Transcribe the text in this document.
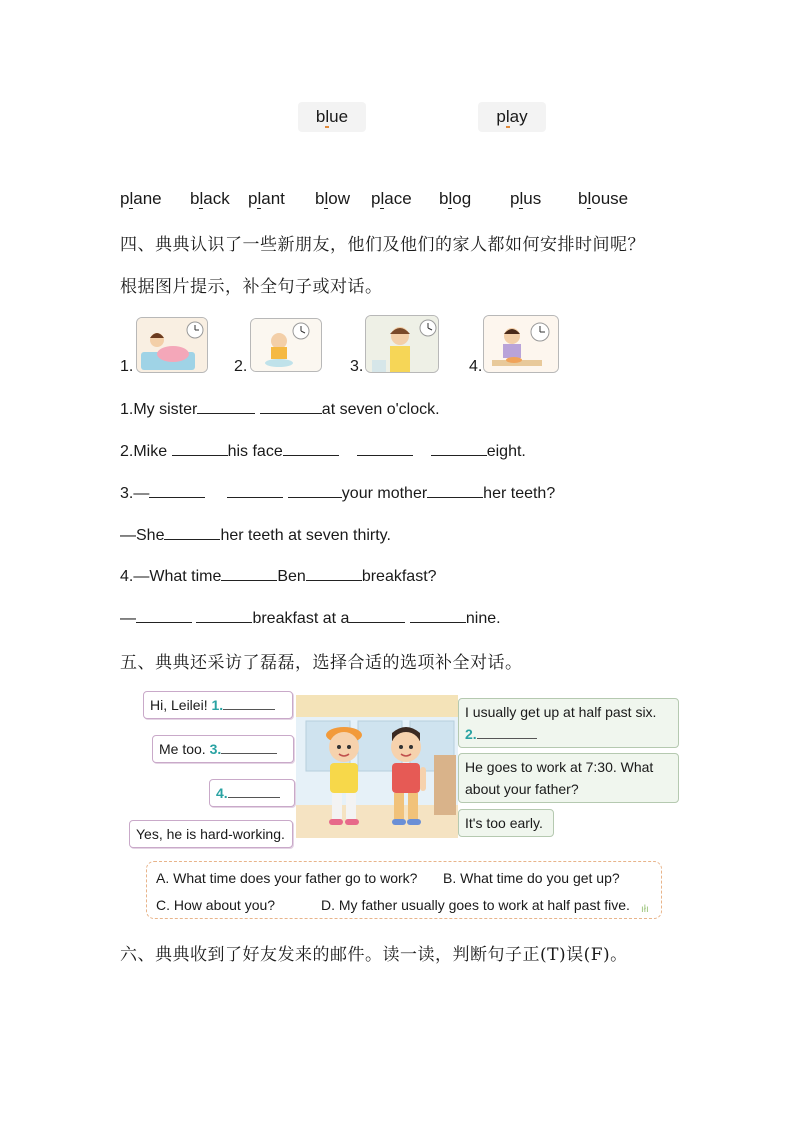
blue	play
plane black plant blow place blog plus blouse
四、典典认识了一些新朋友，他们及他们的家人都如何安排时间呢？
根据图片提示，补全句子或对话。
1.	2.	3.	4.
1.My sister	at seven o'clock.
2.Mike	his face	eight.
3.—	your mother	her teeth?
—She	her teeth at seven thirty.
4.—What time	Ben	breakfast?
—	breakfast at a	nine.
五、典典还采访了磊磊，选择合适的选项补全对话。
Hi, Leilei! 1.
Me too. 3.
4.
Yes, he is hard-working.
I usually get up at half past six.
2.
He goes to work at 7:30. What
about your father?
It's too early.
A. What time does your father go to work? B. What time do you get up?
C. How about you?	D. My father usually goes to work at half past five. ıłı
六、典典收到了好友发来的邮件。读一读，判断句子正(T)误(F)。
